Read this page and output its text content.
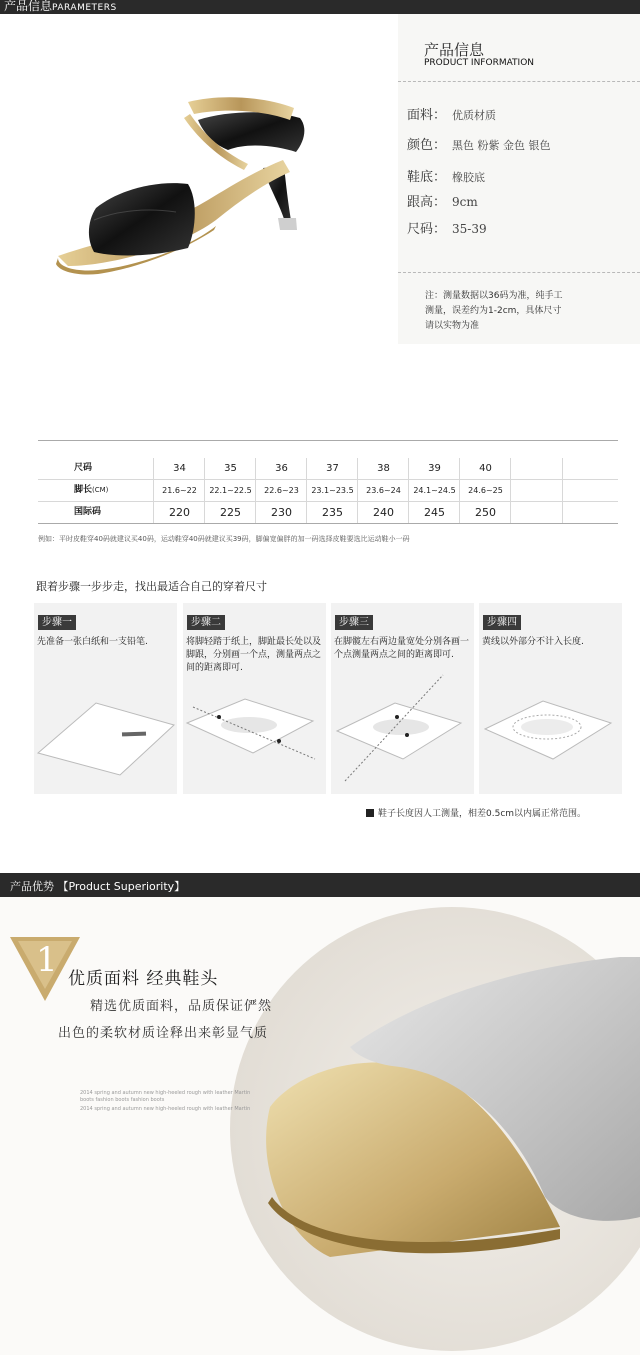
产品信息PARAMETERS
产品信息
PRODUCT INFORMATION
面料： 优质材质
颜色： 黑色 粉紫 金色 银色
鞋底： 橡胶底
跟高： 9cm
尺码： 35-39
注：测量数据以36码为准，纯手工
测量，误差约为1-2cm，具体尺寸
请以实物为准
尺码	34	35	36	37	38	39	40
脚长(CM)	21.6~22	22.1~22.5	22.6~23	23.1~23.5	23.6~24	24.1~24.5	24.6~25
国际码	220	225	230	235	240	245	250
例如：平时皮鞋穿40码就建议买40码，运动鞋穿40码就建议买39码，脚偏宽偏胖的加一码选择皮鞋要选比运动鞋小一码
跟着步骤一步步走，找出最适合自己的穿着尺寸
步骤一
先准备一张白纸和一支铅笔.
步骤二
将脚轻踏于纸上，脚趾最长处以及脚跟，分别画一个点，测量两点之间的距离即可.
步骤三
在脚髋左右两边量宽处分别各画一个点测量两点之间的距离即可.
步骤四
黄线以外部分不计入长度.
鞋子长度因人工测量，相差0.5cm以内属正常范围。
产品优势 【Product Superiority】
1 优质面料 经典鞋头
精选优质面料，品质保证俨然
出色的柔软材质诠释出来彰显气质
2014 spring and autumn new high-heeled rough with leather Martin
boots fashion boots fashion boots
2014 spring and autumn new high-heeled rough with leather Martin
